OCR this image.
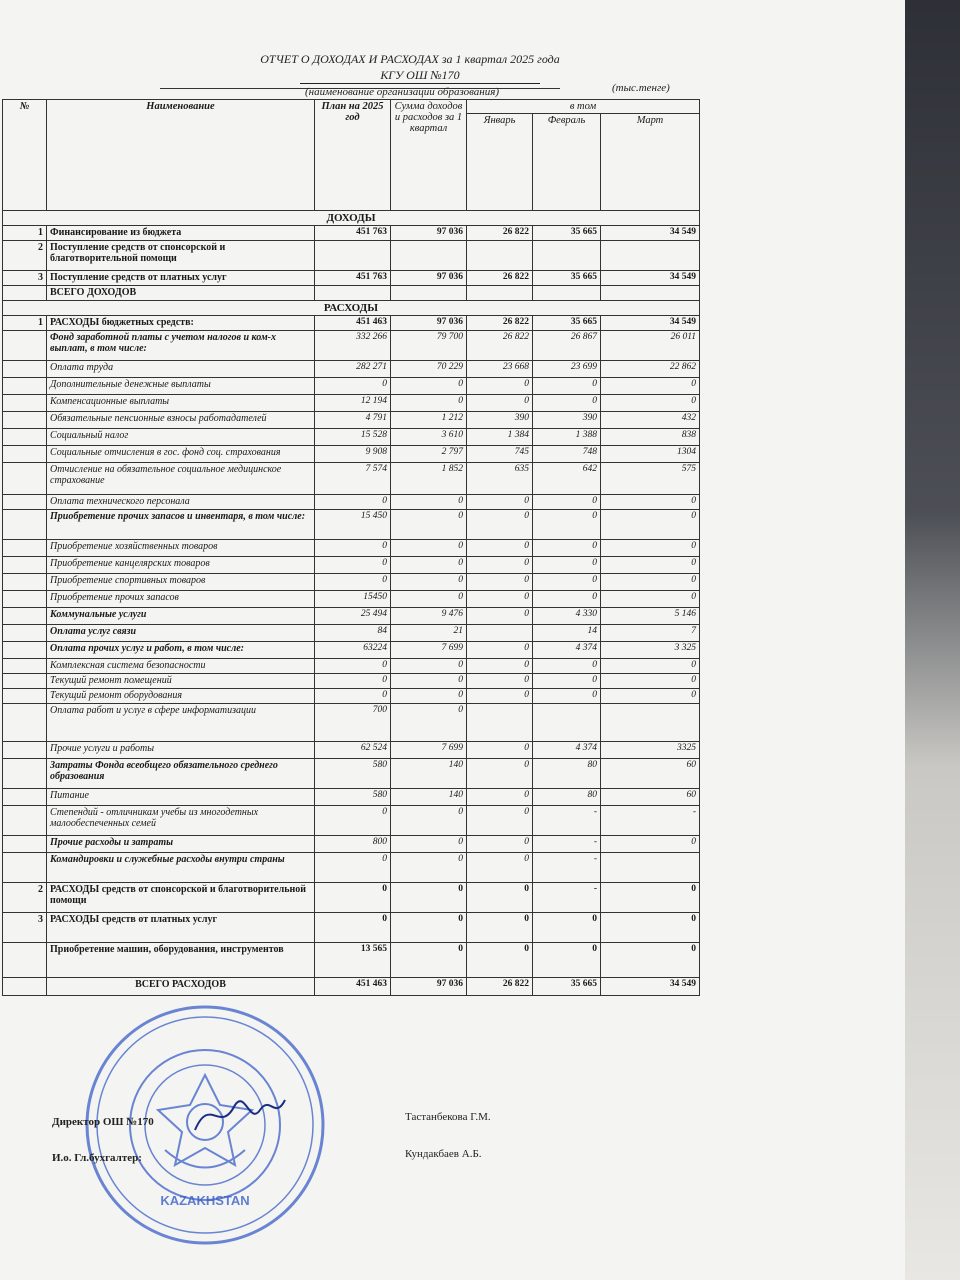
ОТЧЕТ О ДОХОДАХ И РАСХОДАХ за 1 квартал 2025 года
КГУ ОШ №170
(наименование организации образования)	(тыс.тенге)
№	Наименование	План на 2025 год	Сумма доходов и расходов за 1 квартал	в том		
				Январь	Февраль	Март
ДОХОДЫ						
1	Финансирование из бюджета	451 763	97 036	26 822	35 665	34 549
2	Поступление средств от спонсорской и благотворительной помощи					
3	Поступление средств от платных услуг	451 763	97 036	26 822	35 665	34 549
	ВСЕГО ДОХОДОВ					
РАСХОДЫ						
1	РАСХОДЫ бюджетных средств:	451 463	97 036	26 822	35 665	34 549
	Фонд заработной платы с учетом налогов и ком-х выплат, в том числе:	332 266	79 700	26 822	26 867	26 011
	Оплата труда	282 271	70 229	23 668	23 699	22 862
	Дополнительные денежные выплаты	0	0	0	0	0
	Компенсационные выплаты	12 194	0	0	0	0
	Обязательные пенсионные взносы работадателей	4 791	1 212	390	390	432
	Социальный налог	15 528	3 610	1 384	1 388	838
	Социальные отчисления в гос. фонд соц. страхования	9 908	2 797	745	748	1304
	Отчисление на обязательное социальное медицинское страхование	7 574	1 852	635	642	575
	Оплата технического персонала	0	0	0	0	0
	Приобретение прочих запасов и инвентаря, в том числе:	15 450	0	0	0	0
	Приобретение хозяйственных товаров	0	0	0	0	0
	Приобретение канцелярских товаров	0	0	0	0	0
	Приобретение спортивных товаров	0	0	0	0	0
	Приобретение прочих запасов	15450	0	0	0	0
	Коммунальные услуги	25 494	9 476	0	4 330	5 146
	Оплата услуг связи	84	21		14	7
	Оплата прочих услуг и работ, в том числе:	63224	7 699	0	4 374	3 325
	Комплексная система безопасности	0	0	0	0	0
	Текущий ремонт помещений	0	0	0	0	0
	Текущий ремонт оборудования	0	0	0	0	0
	Оплата работ и услуг в сфере информатизации	700	0			
	Прочие услуги и работы	62 524	7 699	0	4 374	3325
	Затраты Фонда всеобщего обязательного среднего образования	580	140	0	80	60
	Питание	580	140	0	80	60
	Степендий - отличникам учебы из многодетных малообеспеченных семей	0	0	0	-	-
	Прочие расходы и затраты	800	0	0	-	0
	Командировки и служебные расходы внутри страны	0	0	0	-	
2	РАСХОДЫ средств от спонсорской и благотворительной помощи	0	0	0	-	0
3	РАСХОДЫ средств от платных услуг	0	0	0	0	0
	Приобретение машин, оборудования, инструментов	13 565	0	0	0	0
	ВСЕГО РАСХОДОВ	451 463	97 036	26 822	35 665	34 549
KAZAKHSTAN
Директор ОШ №170	Тастанбекова Г.М.
И.о. Гл.бухгалтер:	Кундакбаев А.Б.
